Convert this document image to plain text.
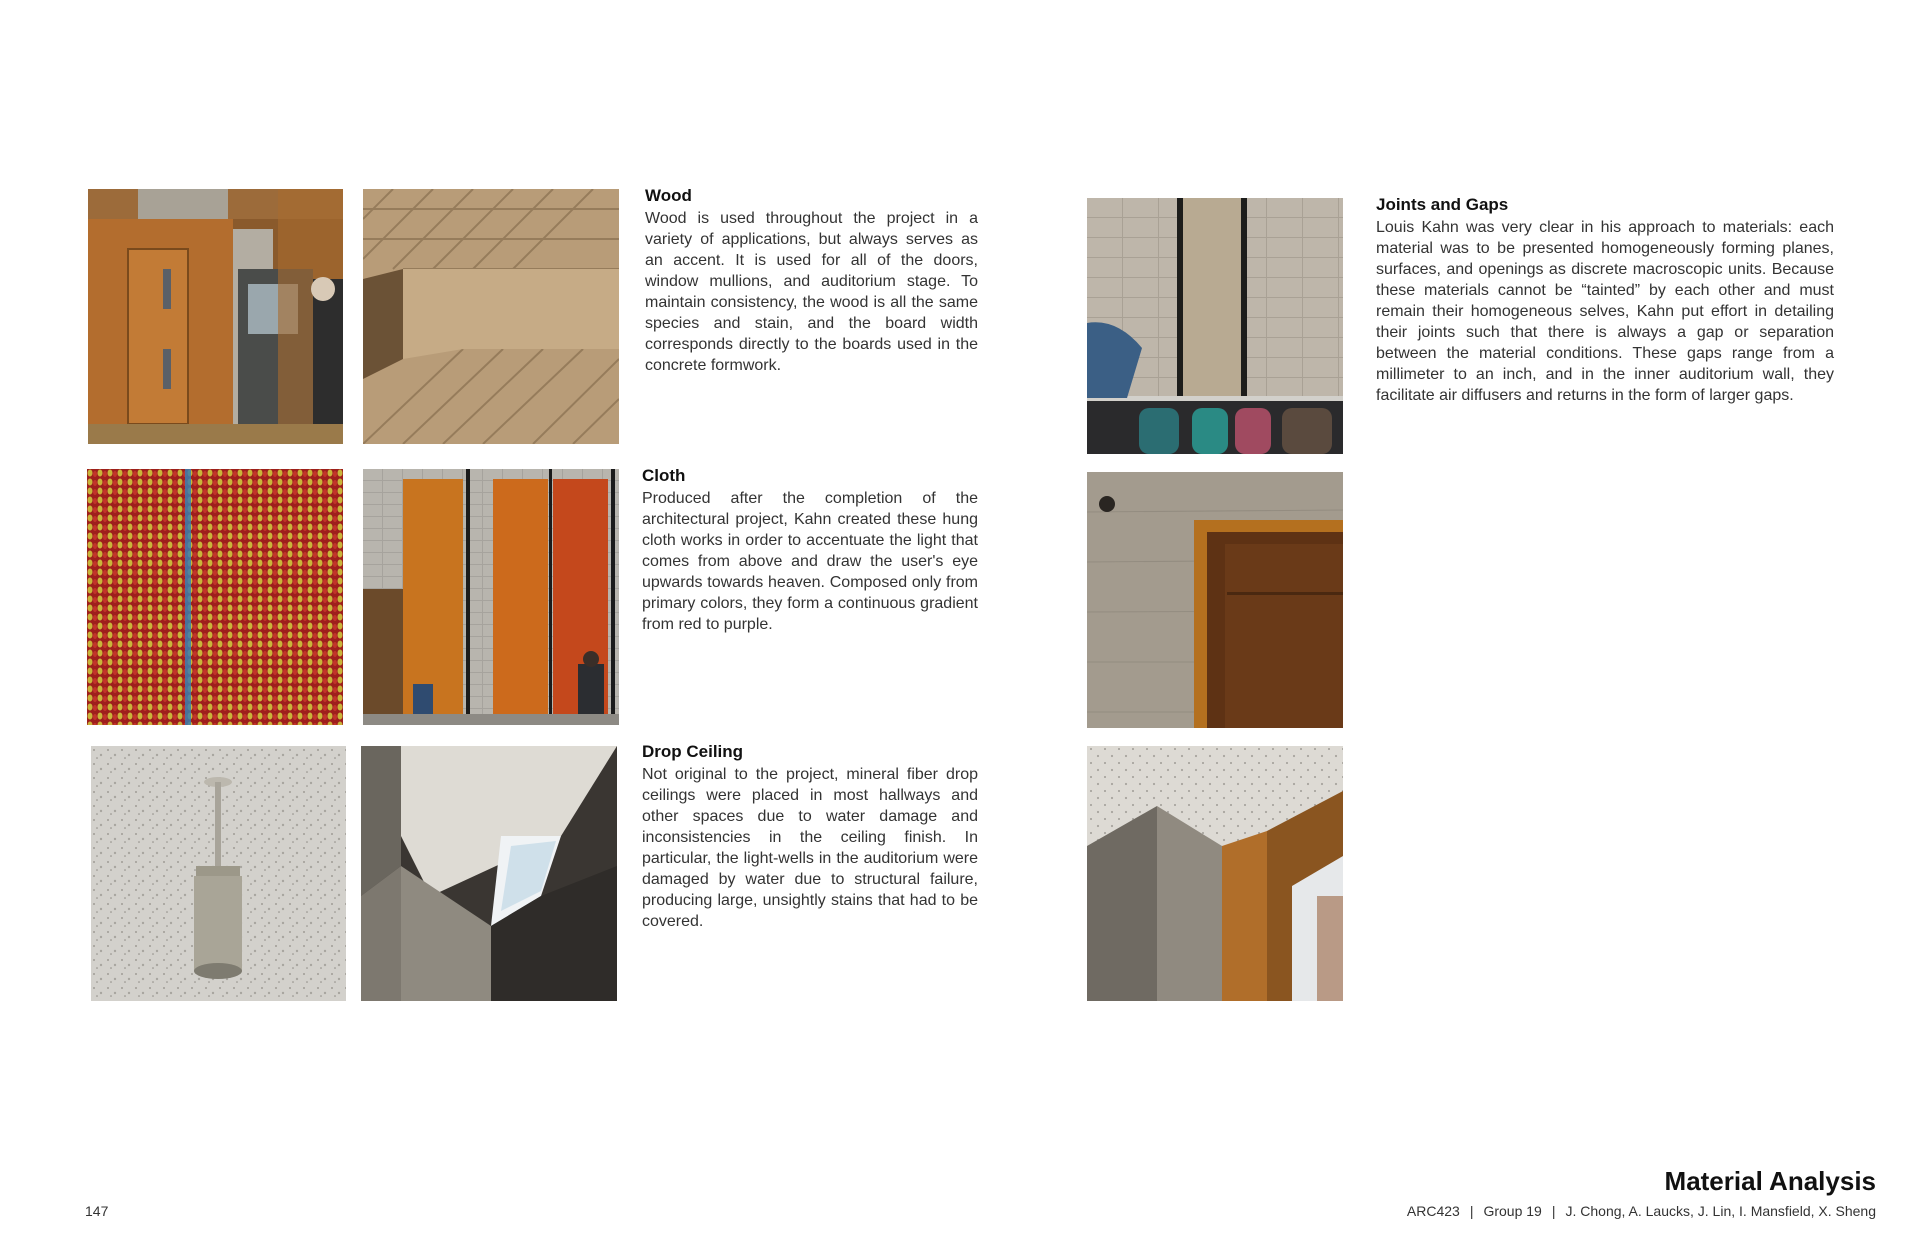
Wood

Wood is used throughout the project in a variety of applications, but always serves as an accent. It is used for all of the doors, window mullions, and auditorium stage. To maintain consistency, the wood is all the same species and stain, and the board width corresponds directly to the boards used in the concrete formwork.

Cloth

Produced after the completion of the architectural project, Kahn created these hung cloth works in order to accentuate the light that comes from above and draw the user's eye upwards towards heaven. Composed only from primary colors, they form a continuous gradient from red to purple.

Drop Ceiling

Not original to the project, mineral fiber drop ceilings were placed in most hallways and other spaces due to water damage and inconsistencies in the ceiling finish. In particular, the light-wells in the auditorium were damaged by water due to structural failure, producing large, unsightly stains that had to be covered.

Joints and Gaps

Louis Kahn was very clear in his approach to materials: each material was to be presented homogeneously forming planes, surfaces, and openings as discrete macroscopic units. Because these materials cannot be “tainted” by each other and must remain their homogeneous selves, Kahn put effort in detailing their joints such that there is always a gap or separation between the material conditions. These gaps range from a millimeter to an inch, and in the inner auditorium wall, they facilitate air diffusers and returns in the form of larger gaps.

147
Material Analysis
ARC423 | Group 19 | J. Chong, A. Laucks, J. Lin, I. Mansfield, X. Sheng
